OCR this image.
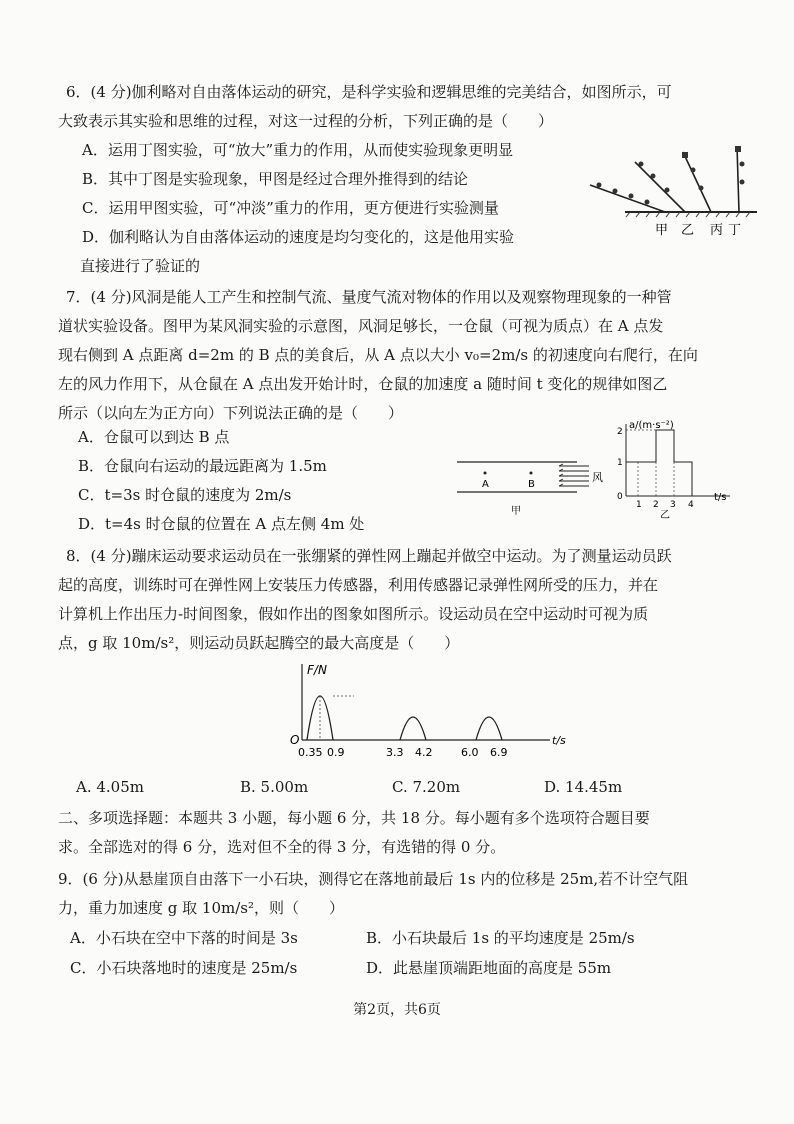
6．(4 分)伽利略对自由落体运动的研究，是科学实验和逻辑思维的完美结合，如图所示，可
大致表示其实验和思维的过程，对这一过程的分析，下列正确的是（　　）
A．运用丁图实验，可“放大”重力的作用，从而使实验现象更明显
B．其中丁图是实验现象，甲图是经过合理外推得到的结论
C．运用甲图实验，可“冲淡”重力的作用，更方便进行实验测量
D．伽利略认为自由落体运动的速度是均匀变化的，这是他用实验
直接进行了验证的
甲 乙 丙 丁
7．(4 分)风洞是能人工产生和控制气流、量度气流对物体的作用以及观察物理现象的一种管
道状实验设备。图甲为某风洞实验的示意图，风洞足够长，一仓鼠（可视为质点）在 A 点发
现右侧到 A 点距离 d=2m 的 B 点的美食后，从 A 点以大小 v₀=2m/s 的初速度向右爬行，在向
左的风力作用下，从仓鼠在 A 点出发开始计时，仓鼠的加速度 a 随时间 t 变化的规律如图乙
所示（以向左为正方向）下列说法正确的是（　　）
A．仓鼠可以到达 B 点
B．仓鼠向右运动的最远距离为 1.5m
C．t=3s 时仓鼠的速度为 2m/s
D．t=4s 时仓鼠的位置在 A 点左侧 4m 处
A	B
风
甲
a/(m·s⁻²)
t/s
2
1
0
1 2 3 4
乙
8．(4 分)蹦床运动要求运动员在一张绷紧的弹性网上蹦起并做空中运动。为了测量运动员跃
起的高度，训练时可在弹性网上安装压力传感器，利用传感器记录弹性网所受的压力，并在
计算机上作出压力-时间图象，假如作出的图象如图所示。设运动员在空中运动时可视为质
点，g 取 10m/s²，则运动员跃起腾空的最大高度是（　　）
F/N
t/s
O
0.35 0.9	3.3 4.2	6.0 6.9
A. 4.05m	B. 5.00m	C. 7.20m	D. 14.45m
二、多项选择题：本题共 3 小题，每小题 6 分，共 18 分。每小题有多个选项符合题目要
求。全部选对的得 6 分，选对但不全的得 3 分，有选错的得 0 分。
9．(6 分)从悬崖顶自由落下一小石块，测得它在落地前最后 1s 内的位移是 25m,若不计空气阻
力，重力加速度 g 取 10m/s²，则（　　）
A．小石块在空中下落的时间是 3s	B．小石块最后 1s 的平均速度是 25m/s
C．小石块落地时的速度是 25m/s	D．此悬崖顶端距地面的高度是 55m
第2页，共6页
